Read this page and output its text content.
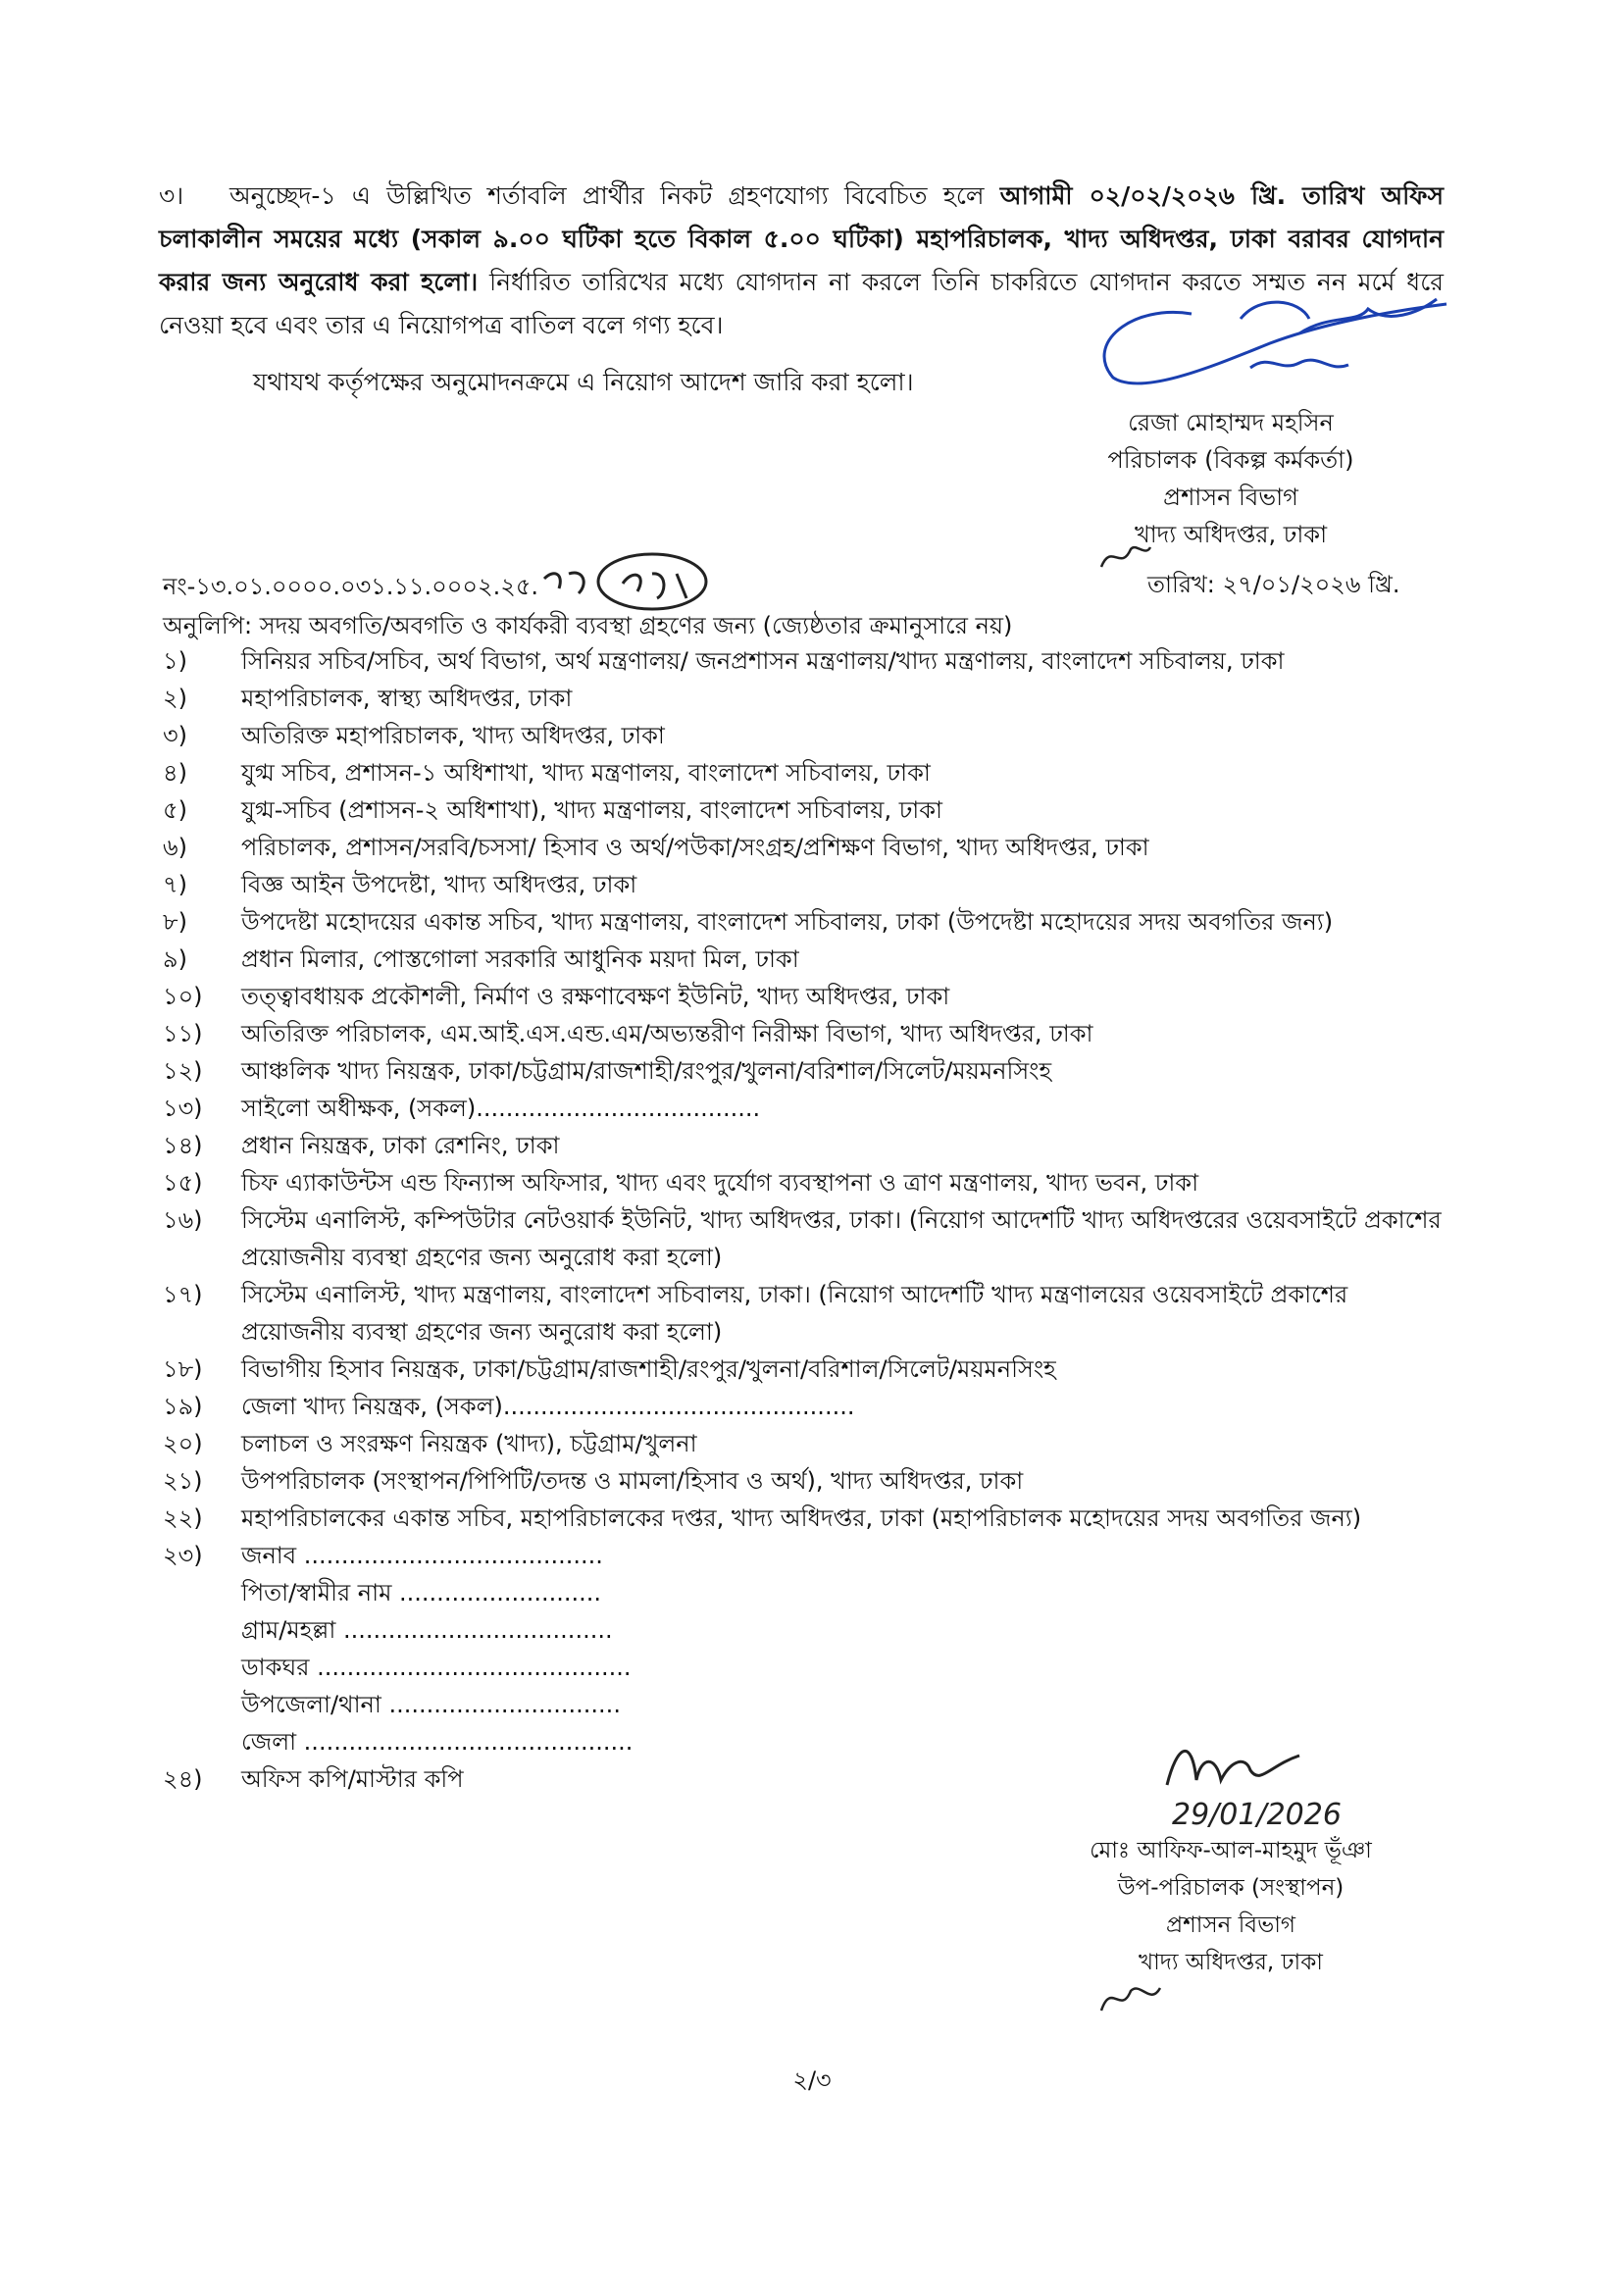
৩। অনুচ্ছেদ-১ এ উল্লিখিত শর্তাবলি প্রার্থীর নিকট গ্রহণযোগ্য বিবেচিত হলে আগামী ০২/০২/২০২৬ খ্রি. তারিখ অফিস চলাকালীন সময়ের মধ্যে (সকাল ৯.০০ ঘটিকা হতে বিকাল ৫.০০ ঘটিকা) মহাপরিচালক, খাদ্য অধিদপ্তর, ঢাকা বরাবর যোগদান করার জন্য অনুরোধ করা হলো। নির্ধারিত তারিখের মধ্যে যোগদান না করলে তিনি চাকরিতে যোগদান করতে সম্মত নন মর্মে ধরে নেওয়া হবে এবং তার এ নিয়োগপত্র বাতিল বলে গণ্য হবে।
যথাযথ কর্তৃপক্ষের অনুমোদনক্রমে এ নিয়োগ আদেশ জারি করা হলো।
রেজা মোহাম্মদ মহসিন
পরিচালক (বিকল্প কর্মকর্তা)
প্রশাসন বিভাগ
খাদ্য অধিদপ্তর, ঢাকা
নং-১৩.০১.০০০০.০৩১.১১.০০০২.২৫.	তারিখ: ২৭/০১/২০২৬ খ্রি.
অনুলিপি: সদয় অবগতি/অবগতি ও কার্যকরী ব্যবস্থা গ্রহণের জন্য (জ্যেষ্ঠতার ক্রমানুসারে নয়)
১)	সিনিয়র সচিব/সচিব, অর্থ বিভাগ, অর্থ মন্ত্রণালয়/ জনপ্রশাসন মন্ত্রণালয়/খাদ্য মন্ত্রণালয়, বাংলাদেশ সচিবালয়, ঢাকা
২)	মহাপরিচালক, স্বাস্থ্য অধিদপ্তর, ঢাকা
৩)	অতিরিক্ত মহাপরিচালক, খাদ্য অধিদপ্তর, ঢাকা
৪)	যুগ্ম সচিব, প্রশাসন-১ অধিশাখা, খাদ্য মন্ত্রণালয়, বাংলাদেশ সচিবালয়, ঢাকা
৫)	যুগ্ম-সচিব (প্রশাসন-২ অধিশাখা), খাদ্য মন্ত্রণালয়, বাংলাদেশ সচিবালয়, ঢাকা
৬)	পরিচালক, প্রশাসন/সরবি/চসসা/ হিসাব ও অর্থ/পউকা/সংগ্রহ/প্রশিক্ষণ বিভাগ, খাদ্য অধিদপ্তর, ঢাকা
৭)	বিজ্ঞ আইন উপদেষ্টা, খাদ্য অধিদপ্তর, ঢাকা
৮)	উপদেষ্টা মহোদয়ের একান্ত সচিব, খাদ্য মন্ত্রণালয়, বাংলাদেশ সচিবালয়, ঢাকা (উপদেষ্টা মহোদয়ের সদয় অবগতির জন্য)
৯)	প্রধান মিলার, পোস্তগোলা সরকারি আধুনিক ময়দা মিল, ঢাকা
১০)	তত্ত্বাবধায়ক প্রকৌশলী, নির্মাণ ও রক্ষণাবেক্ষণ ইউনিট, খাদ্য অধিদপ্তর, ঢাকা
১১)	অতিরিক্ত পরিচালক, এম.আই.এস.এন্ড.এম/অভ্যন্তরীণ নিরীক্ষা বিভাগ, খাদ্য অধিদপ্তর, ঢাকা
১২)	আঞ্চলিক খাদ্য নিয়ন্ত্রক, ঢাকা/চট্টগ্রাম/রাজশাহী/রংপুর/খুলনা/বরিশাল/সিলেট/ময়মনসিংহ
১৩)	সাইলো অধীক্ষক, (সকল)......................................
১৪)	প্রধান নিয়ন্ত্রক, ঢাকা রেশনিং, ঢাকা
১৫)	চিফ এ্যাকাউন্টস এন্ড ফিন্যান্স অফিসার, খাদ্য এবং দুর্যোগ ব্যবস্থাপনা ও ত্রাণ মন্ত্রণালয়, খাদ্য ভবন, ঢাকা
১৬)	সিস্টেম এনালিস্ট, কম্পিউটার নেটওয়ার্ক ইউনিট, খাদ্য অধিদপ্তর, ঢাকা। (নিয়োগ আদেশটি খাদ্য অধিদপ্তরের ওয়েবসাইটে প্রকাশের প্রয়োজনীয় ব্যবস্থা গ্রহণের জন্য অনুরোধ করা হলো)
১৭)	সিস্টেম এনালিস্ট, খাদ্য মন্ত্রণালয়, বাংলাদেশ সচিবালয়, ঢাকা। (নিয়োগ আদেশটি খাদ্য মন্ত্রণালয়ের ওয়েবসাইটে প্রকাশের প্রয়োজনীয় ব্যবস্থা গ্রহণের জন্য অনুরোধ করা হলো)
১৮)	বিভাগীয় হিসাব নিয়ন্ত্রক, ঢাকা/চট্টগ্রাম/রাজশাহী/রংপুর/খুলনা/বরিশাল/সিলেট/ময়মনসিংহ
১৯)	জেলা খাদ্য নিয়ন্ত্রক, (সকল)...............................................
২০)	চলাচল ও সংরক্ষণ নিয়ন্ত্রক (খাদ্য), চট্টগ্রাম/খুলনা
২১)	উপপরিচালক (সংস্থাপন/পিপিটি/তদন্ত ও মামলা/হিসাব ও অর্থ), খাদ্য অধিদপ্তর, ঢাকা
২২)	মহাপরিচালকের একান্ত সচিব, মহাপরিচালকের দপ্তর, খাদ্য অধিদপ্তর, ঢাকা (মহাপরিচালক মহোদয়ের সদয় অবগতির জন্য)
২৩)	জনাব ........................................
পিতা/স্বামীর নাম ...........................
গ্রাম/মহল্লা ....................................
ডাকঘর ..........................................
উপজেলা/থানা ...............................
জেলা ............................................
২৪)	অফিস কপি/মাস্টার কপি
29/01/2026
মোঃ আফিফ-আল-মাহমুদ ভূঁঞা
উপ-পরিচালক (সংস্থাপন)
প্রশাসন বিভাগ
খাদ্য অধিদপ্তর, ঢাকা
২/৩
